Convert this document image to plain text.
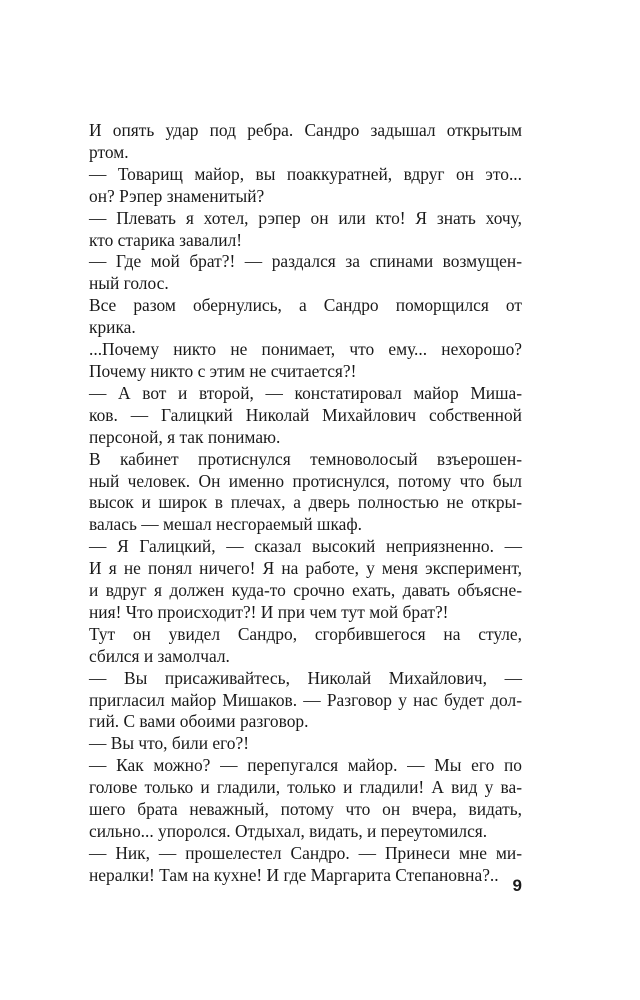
И опять удар под ребра. Сандро задышал открытым
ртом.

— Товарищ майор, вы поаккуратней, вдруг он это...
он? Рэпер знаменитый?

— Плевать я хотел, рэпер он или кто! Я знать хочу,
кто старика завалил!

— Где мой брат?! — раздался за спинами возмущен-
ный голос.

Все разом обернулись, а Сандро поморщился от
крика.

...Почему никто не понимает, что ему... нехорошо?
Почему никто с этим не считается?!

— А вот и второй, — констатировал майор Миша-
ков. — Галицкий Николай Михайлович собственной
персоной, я так понимаю.

В кабинет протиснулся темноволосый взъерошен-
ный человек. Он именно протиснулся, потому что был
высок и широк в плечах, а дверь полностью не откры-
валась — мешал несгораемый шкаф.

— Я Галицкий, — сказал высокий неприязненно. —
И я не понял ничего! Я на работе, у меня эксперимент,
и вдруг я должен куда-то срочно ехать, давать объясне-
ния! Что происходит?! И при чем тут мой брат?!

Тут он увидел Сандро, сгорбившегося на стуле,
сбился и замолчал.

— Вы присаживайтесь, Николай Михайлович, —
пригласил майор Мишаков. — Разговор у нас будет дол-
гий. С вами обоими разговор.

— Вы что, били его?!

— Как можно? — перепугался майор. — Мы его по
голове только и гладили, только и гладили! А вид у ва-
шего брата неважный, потому что он вчера, видать,
сильно... упоролся. Отдыхал, видать, и переутомился.

— Ник, — прошелестел Сандро. — Принеси мне ми-
нералки! Там на кухне! И где Маргарита Степановна?..

9
